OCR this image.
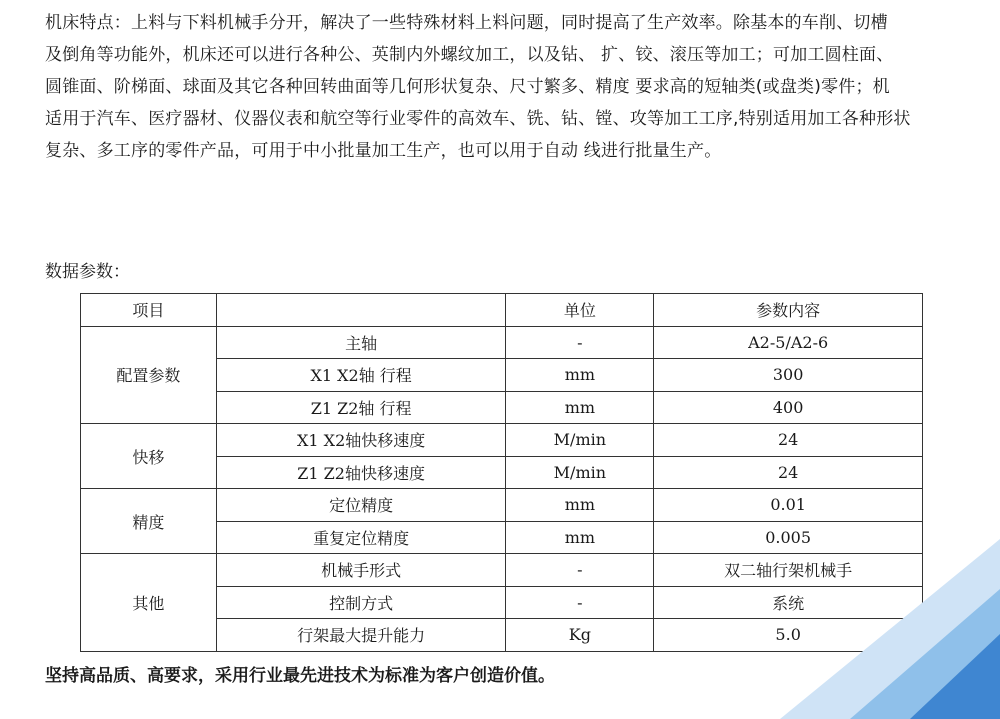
机床特点：上料与下料机械手分开，解决了一些特殊材料上料问题，同时提高了生产效率。除基本的车削、切槽
及倒角等功能外，机床还可以进行各种公、英制内外螺纹加工，以及钻、 扩、铰、滚压等加工；可加工圆柱面、
圆锥面、阶梯面、球面及其它各种回转曲面等几何形状复杂、尺寸繁多、精度 要求高的短轴类(或盘类)零件；机
适用于汽车、医疗器材、仪器仪表和航空等行业零件的高效车、铣、钻、镗、攻等加工工序,特别适用加工各种形状
复杂、多工序的零件产品，可用于中小批量加工生产，也可以用于自动 线进行批量生产。
数据参数：
项目		单位	参数内容
配置参数	主轴	-	A2-5/A2-6
	X1 X2轴 行程	mm	300
	Z1 Z2轴 行程	mm	400
快移	X1 X2轴快移速度	M/min	24
	Z1 Z2轴快移速度	M/min	24
精度	定位精度	mm	0.01
	重复定位精度	mm	0.005
其他	机械手形式	-	双二轴行架机械手
	控制方式	-	系统
	行架最大提升能力	Kg	5.0
坚持高品质、高要求，采用行业最先进技术为标准为客户创造价值。
